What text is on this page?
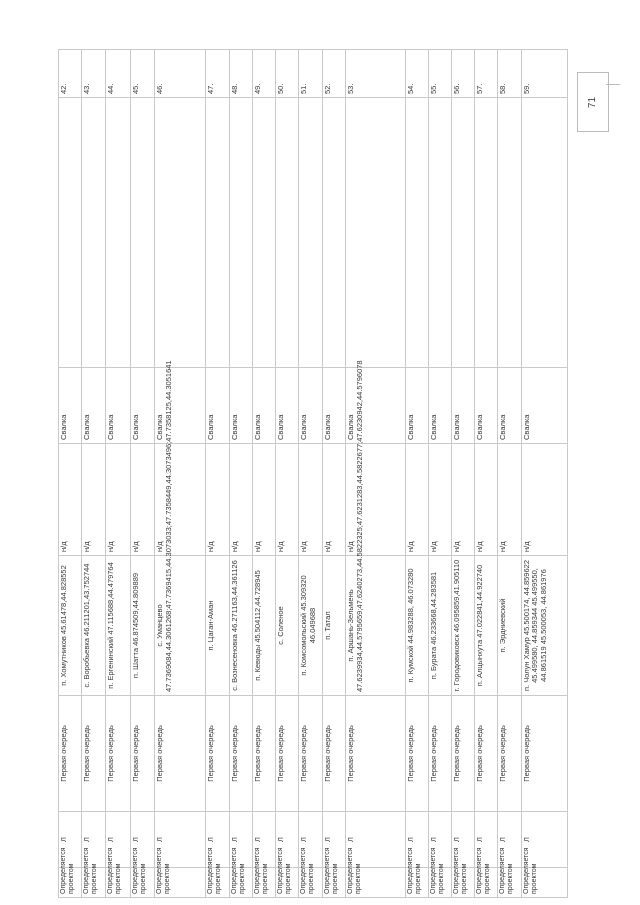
71
Определяется проектом	Л	Первая очередь	п. Хомутников 45.61478,44.828552	н/д	Свалка		42.
Определяется проектом	Л	Первая очередь	с. Воробьевка 46.211201,43.752744	н/д	Свалка		43.
Определяется проектом	Л	Первая очередь	п. Ергенинский 47.115688,44.479764	н/д	Свалка		44.
Определяется проектом	Л	Первая очередь	п. Шатта 46.874509,44.809889	н/д	Свалка		45.
Определяется проектом	Л	Первая очередь	с. Уманцево 47.7369084,44.3061268;47.7369415,44.3073033;47.7358449,44.3073496;47.7358125,44.3051641	н/д	Свалка		46.
Определяется проектом	Л	Первая очередь	п. Цаган-Аман	н/д	Свалка		47.
Определяется проектом	Л	Первая очередь	с. Вознесеновка 46.271163,44.361126	н/д	Свалка		48.
Определяется проектом	Л	Первая очередь	п. Кевюды 45.504112,44.728945	н/д	Свалка		49.
Определяется проектом	Л	Первая очередь	с. Соленое	н/д	Свалка		50.
Определяется проектом	Л	Первая очередь	п. Комсомольский 45.309320 46.049688	н/д	Свалка		51.
Определяется проектом	Л	Первая очередь	п. Татал	н/д	Свалка		52.
Определяется проектом	Л	Первая очередь	п. Аршань-Зельмень 47.6239934,44.5795659;47.6240273,44.5822325;47.6231283,44.5822677;47.6230942,44.5796078	н/д	Свалка		53.
Определяется проектом	Л	Первая очередь	п. Кумской 44.983288, 46.073280	н/д	Свалка		54.
Определяется проектом	Л	Первая очередь	п. Бурата 46.233668,44.283581	н/д	Свалка		55.
Определяется проектом	Л	Первая очередь	г. Городовиковск 46.095859,41.905110	н/д	Свалка		56.
Определяется проектом	Л	Первая очередь	п. Алцынхута 47.022841,44.922740	н/д	Свалка		57.
Определяется проектом	Л	Первая очередь	п. Эрдниевский	н/д	Свалка		58.
Определяется проектом	Л	Первая очередь	п. Чолун Хамур 45.500174, 44.859622 45.499580, 44.859344 45.499550, 44.861519 45.500053, 44.861976	н/д	Свалка		59.
